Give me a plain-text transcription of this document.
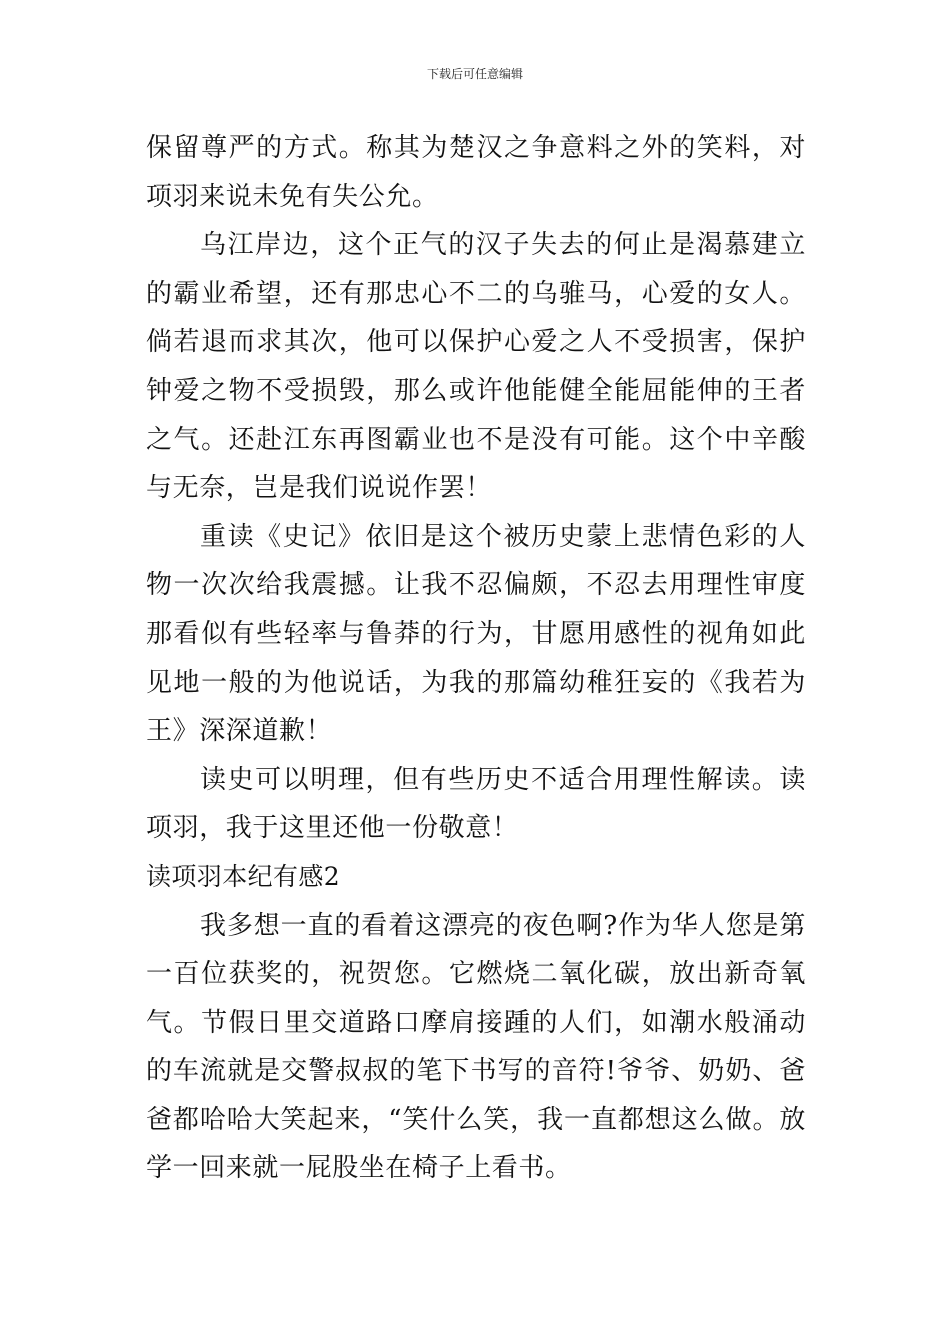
下载后可任意编辑

保留尊严的方式。称其为楚汉之争意料之外的笑料，对项羽来说未免有失公允。

乌江岸边，这个正气的汉子失去的何止是渴慕建立的霸业希望，还有那忠心不二的乌骓马，心爱的女人。倘若退而求其次，他可以保护心爱之人不受损害，保护钟爱之物不受损毁，那么或许他能健全能屈能伸的王者之气。还赴江东再图霸业也不是没有可能。这个中辛酸与无奈，岂是我们说说作罢！

重读《史记》依旧是这个被历史蒙上悲情色彩的人物一次次给我震撼。让我不忍偏颇，不忍去用理性审度那看似有些轻率与鲁莽的行为，甘愿用感性的视角如此见地一般的为他说话，为我的那篇幼稚狂妄的《我若为王》深深道歉！

读史可以明理，但有些历史不适合用理性解读。读项羽，我于这里还他一份敬意！

读项羽本纪有感2

我多想一直的看着这漂亮的夜色啊?作为华人您是第一百位获奖的，祝贺您。它燃烧二氧化碳，放出新奇氧气。节假日里交道路口摩肩接踵的人们，如潮水般涌动的车流就是交警叔叔的笔下书写的音符!爷爷、奶奶、爸爸都哈哈大笑起来，“笑什么笑，我一直都想这么做。放学一回来就一屁股坐在椅子上看书。
